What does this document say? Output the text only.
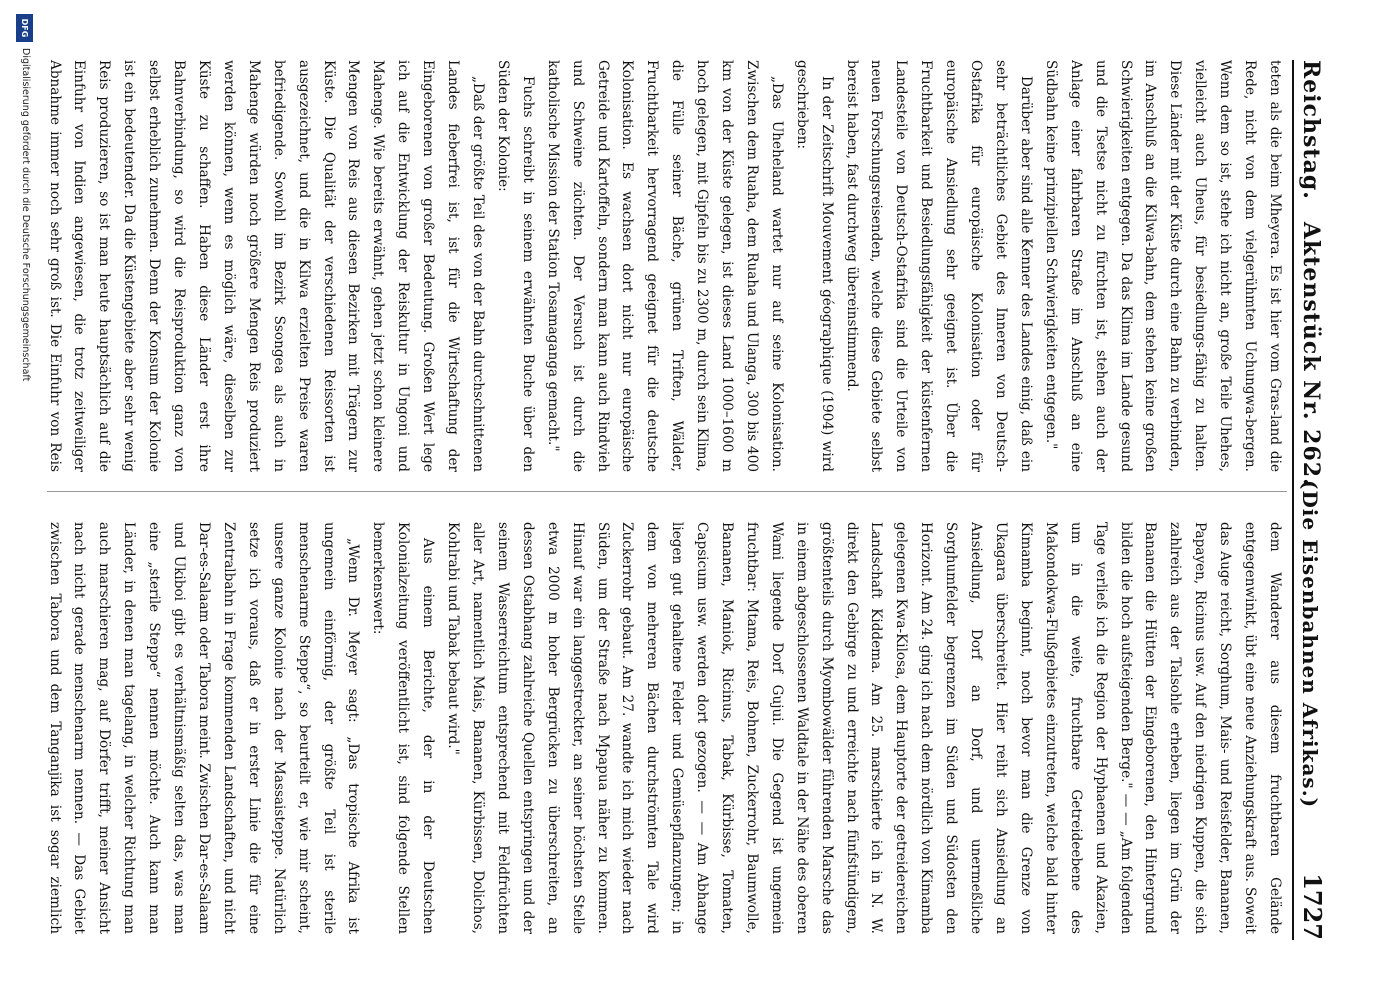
Reichstag.Aktenstück Nr. 262.
(Die Eisenbahnen Afrikas.)
1727

teten als die beim Mheyera. Es ist hier vom Gras-land die Rede, nicht von dem vielgerühmten Uchungwa-bergen. Wenn dem so ist, stehe ich nicht an, große Teile Uhehes, vielleicht auch Uheus, für besiedlungs-fähig zu halten. Diese Länder mit der Küste durch eine Bahn zu verbinden, im Anschluß an die Kilwa-bahn, dem stehen keine großen Schwierigkeiten entgegen. Da das Klima im Lande gesund und die Tsetse nicht zu fürchten ist, stehen auch der Anlage einer fahrbaren Straße im Anschluß an eine Südbahn keine prinzipiellen Schwierigkeiten entgegen."

Darüber aber sind alle Kenner des Landes einig, daß ein sehr beträchtliches Gebiet des Inneren von Deutsch-Ostafrika für europäische Kolonisation oder für europäische Ansiedlung sehr geeignet ist. Über die Fruchtbarkeit und Besiedlungsfähigkeit der küstenfernen Landesteile von Deutsch-Ostafrika sind die Urteile von neuen Forschungsreisenden, welche diese Gebiete selbst bereist haben, fast durchweg übereinstimmend.

In der Zeitschrift Mouvement géographique (1904) wird geschrieben:

„Das Uheheland wartet nur auf seine Kolonisation. Zwischen dem Ruaha, dem Ruaha und Ulanga, 300 bis 400 km von der Küste gelegen, ist dieses Land 1000–1600 m hoch gelegen, mit Gipfeln bis zu 2300 m, durch sein Klima, die Fülle seiner Bäche, grünen Triften, Wälder, Fruchtbarkeit hervorragend geeignet für die deutsche Kolonisation. Es wachsen dort nicht nur europäische Getreide und Kartoffeln, sondern man kann auch Rindvieh und Schweine züchten. Der Versuch ist durch die katholische Mission der Station Tosamaganga gemacht."

Fuchs schreibt in seinem erwähnten Buche über den Süden der Kolonie:

„Daß der größte Teil des von der Bahn durchschnittenen Landes fieberfrei ist, ist für die Wirtschaftung der Eingeborenen von großer Bedeutung. Großen Wert lege ich auf die Entwicklung der Reiskultur in Ungoni und Mahenge. Wie bereits erwähnt, gehen jetzt schon kleinere Mengen von Reis aus diesen Bezirken mit Trägern zur Küste. Die Qualität der verschiedenen Reissorten ist ausgezeichnet, und die in Kilwa erzielten Preise waren befriedigende. Sowohl im Bezirk Ssongea als auch in Mahenge würden noch größere Mengen Reis produziert werden können, wenn es möglich wäre, dieselben zur Küste zu schaffen. Haben diese Länder erst ihre Bahnverbindung, so wird die Reisproduktion ganz von selbst erheblich zunehmen. Denn der Konsum der Kolonie ist ein bedeutender. Da die Küstengebiete aber sehr wenig Reis produzieren, so ist man heute hauptsächlich auf die Einfuhr von Indien angewiesen, die trotz zeitweiliger Abnahme immer noch sehr groß ist. Die Einfuhr von Reis

dem Wanderer aus diesem fruchtbaren Gelände entgegenwinkt, übt eine neue Anziehungskraft aus. Soweit das Auge reicht, Sorghum, Mais- und Reisfelder, Bananen, Papayen, Ricinus usw. Auf den niedrigen Kuppen, die sich zahlreich aus der Talsohle erheben, liegen im Grün der Bananen die Hütten der Eingeborenen, den Hintergrund bilden die hoch aufsteigenden Berge." — — „Am folgenden Tage verließ ich die Region der Hyphaenen und Akazien, um in die weite, fruchtbare Getreideebene des Makondokwa-Flußgebietes einzutreten, welche bald hinter Kimamba beginnt, noch bevor man die Grenze von Ukagara überschreitet. Hier reiht sich Ansiedlung an Ansiedlung, Dorf an Dorf, und unermeßliche Sorghumfelder begrenzen im Süden und Südosten den Horizont. Am 24. ging ich nach dem nördlich von Kimamba gelegenen Kwa-Kilosa, dem Hauptorte der getreidereichen Landschaft Kiddema. Am 25. marschierte ich in N. W. direkt den Gebirge zu und erreichte nach fünfstündigem, größtenteils durch Myombowälder führenden Marsche das in einem abgeschlossenen Waldtale in der Nähe des oberen Wami liegende Dorf Gujui. Die Gegend ist ungemein fruchtbar: Mtama, Reis, Bohnen, Zuckerrohr, Baumwolle, Bananen, Maniok, Ricinus, Tabak, Kürbisse, Tomaten, Capsicum usw. werden dort gezogen. — — Am Abhange liegen gut gehaltene Felder und Gemüsepflanzungen; in dem von mehreren Bächen durchströmten Tale wird Zuckerrohr gebaut. Am 27. wandte ich mich wieder nach Süden, um der Straße nach Mpapua näher zu kommen. Hinauf war ein langgestreckter, an seiner höchsten Stelle etwa 2000 m hoher Bergrücken zu überschreiten, an dessen Ostabhang zahlreiche Quellen entspringen und der seinem Wasserreichtum entsprechend mit Feldfrüchten aller Art, namentlich Mais, Bananen, Kürbissen, Dolichos, Kohlrabi und Tabak bebaut wird."

Aus einem Berichte, der in der Deutschen Kolonialzeitung veröffentlicht ist, sind folgende Stellen bemerkenswert:

„Wenn Dr. Meyer sagt: „Das tropische Afrika ist ungemein einförmig, der größte Teil ist sterile menschenarme Steppe“, so beurteilt er, wie mir scheint, unsere ganze Kolonie nach der Massaisteppe. Natürlich setze ich voraus, daß er in erster Linie die für eine Zentralbahn in Frage kommenden Landschaften, und nicht Dar-es-Salaam oder Tabora meint. Zwischen Dar-es-Salaam und Ukiboi gibt es verhältnismäßig selten das, was man eine „sterile Steppe“ nennen möchte. Auch kann man Länder, in denen man tagelang, in welcher Richtung man auch marschieren mag, auf Dörfer trifft, meiner Ansicht nach nicht gerade menschenarm nennen. — Das Gebiet zwischen Tabora und dem Tanganjika ist sogar ziemlich

DFG
Digitalisierung gefördert durch die Deutsche Forschungsgemeinschaft
